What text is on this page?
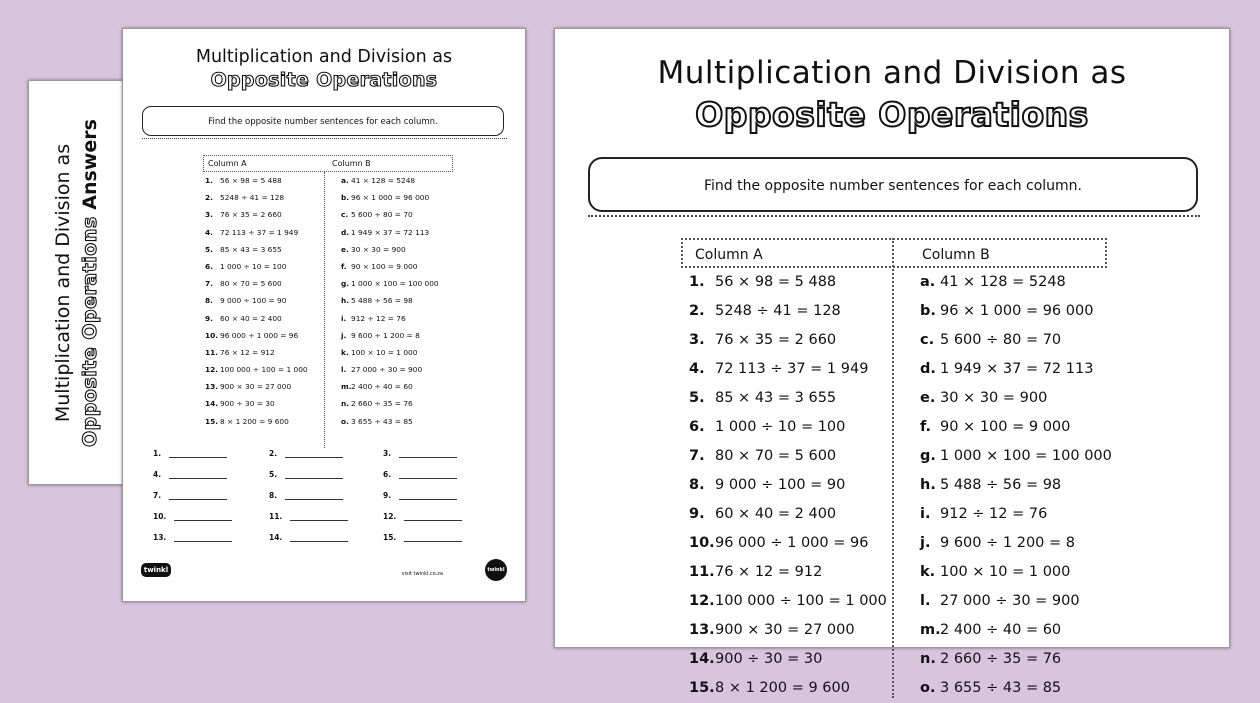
Multiplication and Division as Opposite Operations Answers
Multiplication and Division as
Opposite Operations
Find the opposite number sentences for each column.
Column A	Column B
1. 56 × 98 = 5 488	a. 41 × 128 = 5248
2. 5248 ÷ 41 = 128	b. 96 × 1 000 = 96 000
3. 76 × 35 = 2 660	c. 5 600 ÷ 80 = 70
4. 72 113 ÷ 37 = 1 949	d. 1 949 × 37 = 72 113
5. 85 × 43 = 3 655	e. 30 × 30 = 900
6. 1 000 ÷ 10 = 100	f. 90 × 100 = 9 000
7. 80 × 70 = 5 600	g. 1 000 × 100 = 100 000
8. 9 000 ÷ 100 = 90	h. 5 488 ÷ 56 = 98
9. 60 × 40 = 2 400	i. 912 ÷ 12 = 76
10. 96 000 ÷ 1 000 = 96	j. 9 600 ÷ 1 200 = 8
11. 76 × 12 = 912	k. 100 × 10 = 1 000
12. 100 000 ÷ 100 = 1 000	l. 27 000 ÷ 30 = 900
13. 900 × 30 = 27 000	m.2 400 ÷ 40 = 60
14. 900 ÷ 30 = 30	n. 2 660 ÷ 35 = 76
15. 8 × 1 200 = 9 600	o. 3 655 ÷ 43 = 85
1.	2.	3.
4.	5.	6.
7.	8.	9.
10.	11.	12.
13.	14.	15.
twinkl	visit twinkl.co.za
twinkl
Multiplication and Division as
Opposite Operations
Find the opposite number sentences for each column.
Column A	Column B
1. 56 × 98 = 5 488	a. 41 × 128 = 5248
2. 5248 ÷ 41 = 128	b. 96 × 1 000 = 96 000
3. 76 × 35 = 2 660	c. 5 600 ÷ 80 = 70
4. 72 113 ÷ 37 = 1 949	d. 1 949 × 37 = 72 113
5. 85 × 43 = 3 655	e. 30 × 30 = 900
6. 1 000 ÷ 10 = 100	f. 90 × 100 = 9 000
7. 80 × 70 = 5 600	g. 1 000 × 100 = 100 000
8. 9 000 ÷ 100 = 90	h. 5 488 ÷ 56 = 98
9. 60 × 40 = 2 400	i. 912 ÷ 12 = 76
10.96 000 ÷ 1 000 = 96	j. 9 600 ÷ 1 200 = 8
11.76 × 12 = 912	k. 100 × 10 = 1 000
12.100 000 ÷ 100 = 1 000	l. 27 000 ÷ 30 = 900
13.900 × 30 = 27 000	m.2 400 ÷ 40 = 60
14.900 ÷ 30 = 30	n. 2 660 ÷ 35 = 76
15.8 × 1 200 = 9 600	o. 3 655 ÷ 43 = 85
